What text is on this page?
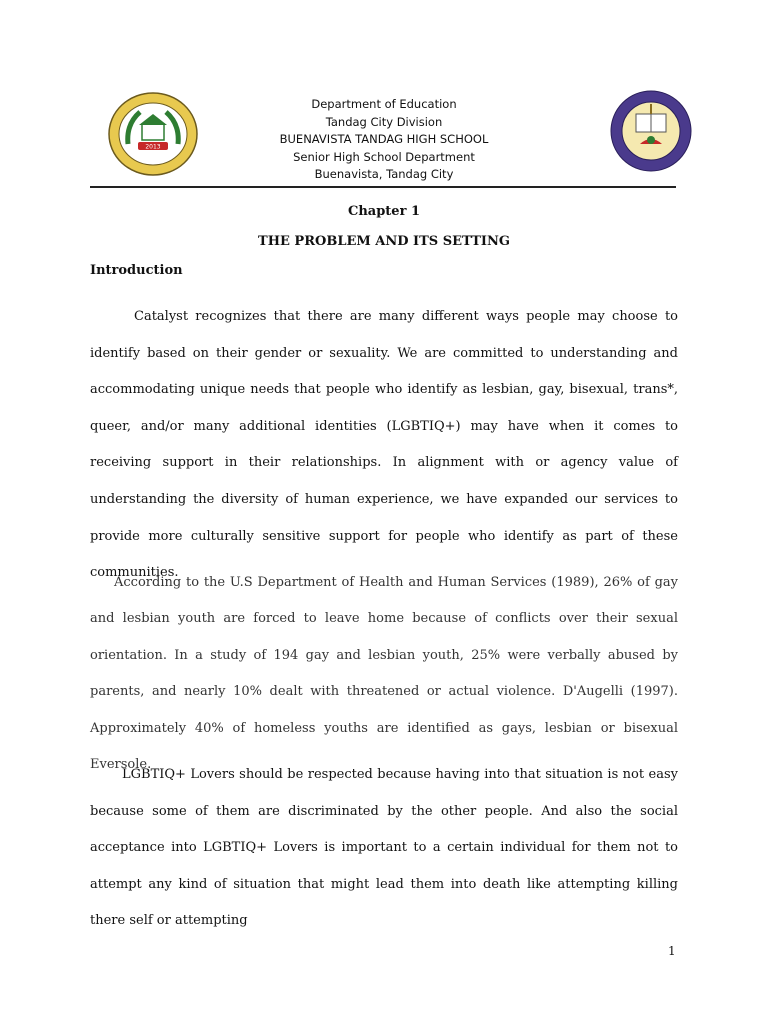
2013
Department of Education
Tandag City Division
BUENAVISTA TANDAG HIGH SCHOOL
Senior High School Department
Buenavista, Tandag City
Chapter 1
THE PROBLEM AND ITS SETTING
Introduction

Catalyst recognizes that there are many different ways people may choose to identify based on their gender or sexuality. We are committed to understanding and accommodating unique needs that people who identify as lesbian, gay, bisexual, trans*, queer, and/or many additional identities (LGBTIQ+) may have when it comes to receiving support in their relationships. In alignment with or agency value of understanding the diversity of human experience, we have expanded our services to provide more culturally sensitive support for people who identify as part of these communities.

According to the U.S Department of Health and Human Services (1989), 26% of gay and lesbian youth are forced to leave home because of conflicts over their sexual orientation. In a study of 194 gay and lesbian youth, 25% were verbally abused by parents, and nearly 10% dealt with threatened or actual violence. D'Augelli (1997). Approximately 40% of homeless youths are identified as gays, lesbian or bisexual Eversole.

LGBTIQ+ Lovers should be respected because having into that situation is not easy because some of them are discriminated by the other people. And also the social acceptance into LGBTIQ+ Lovers is important to a certain individual for them not to attempt any kind of situation that might lead them into death like attempting killing there self or attempting

1
